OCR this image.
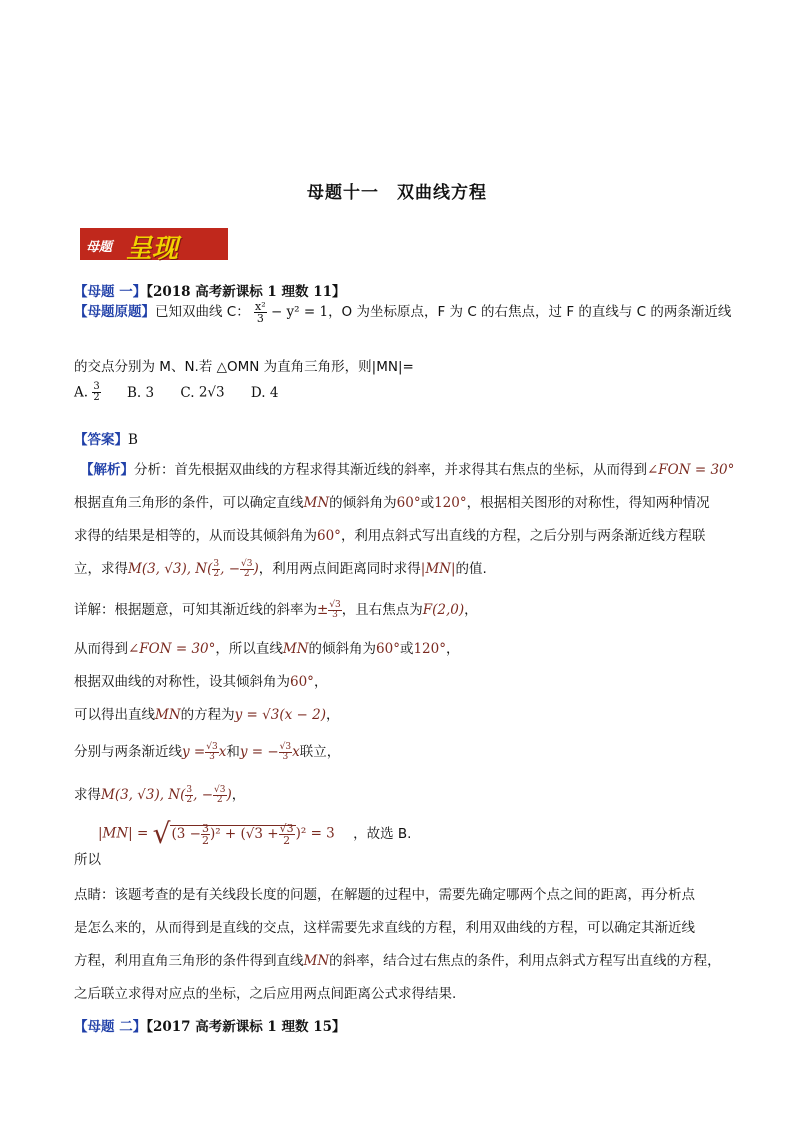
母题十一　双曲线方程
母题 呈现
【母题 一】【2018 高考新课标 1 理数 11】
【母题原题】已知双曲线 C： $\frac{\text{x²}}{3} - y^2 = 1$，O 为坐标原点，F 为 C 的右焦点，过 F 的直线与 C 的两条渐近线
的交点分别为 M、N.若 △OMN 为直角三角形，则|MN|=
A. $\frac{3}{2} B$. 3 C. 2√3 D. 4
【答案】B
【解析】分析：首先根据双曲线的方程求得其渐近线的斜率，并求得其右焦点的坐标，从而得到∠FON = 30°
根据直角三角形的条件，可以确定直线MN的倾斜角为60°或120°，根据相关图形的对称性，得知两种情况
求得的结果是相等的，从而设其倾斜角为60°，利用点斜式写出直线的方程，之后分别与两条渐近线方程联
立，求得M(3, √3), $N( \frac{3}{2}$ , − $\frac{√3}{2}$ )，利用两点间距离同时求得|MN|的值.
详解：根据题意，可知其渐近线的斜率为± $\frac{√3}{3}$ ，且右焦点为F(2,0)，
从而得到∠FON = 30°，所以直线MN的倾斜角为60°或120°，
根据双曲线的对称性，设其倾斜角为60°，
可以得出直线MN的方程为y = √3(x − 2)，
分别与两条渐近线$y = \frac{√3}{3}$ x和y = − $\frac{√3}{3}$ x联立，
求得M(3, √3), $N( \frac{3}{2}$ , − $\frac{√3}{2}$ )，
$|MN| = √(3 - \frac{3}{2} )^2 + (√3 + \frac{√3}{2} )^2 = 3$ ，故选 B.
所以
点睛：该题考查的是有关线段长度的问题，在解题的过程中，需要先确定哪两个点之间的距离，再分析点
是怎么来的，从而得到是直线的交点，这样需要先求直线的方程，利用双曲线的方程，可以确定其渐近线
方程，利用直角三角形的条件得到直线MN的斜率，结合过右焦点的条件，利用点斜式方程写出直线的方程，
之后联立求得对应点的坐标，之后应用两点间距离公式求得结果.
【母题 二】【2017 高考新课标 1 理数 15】
